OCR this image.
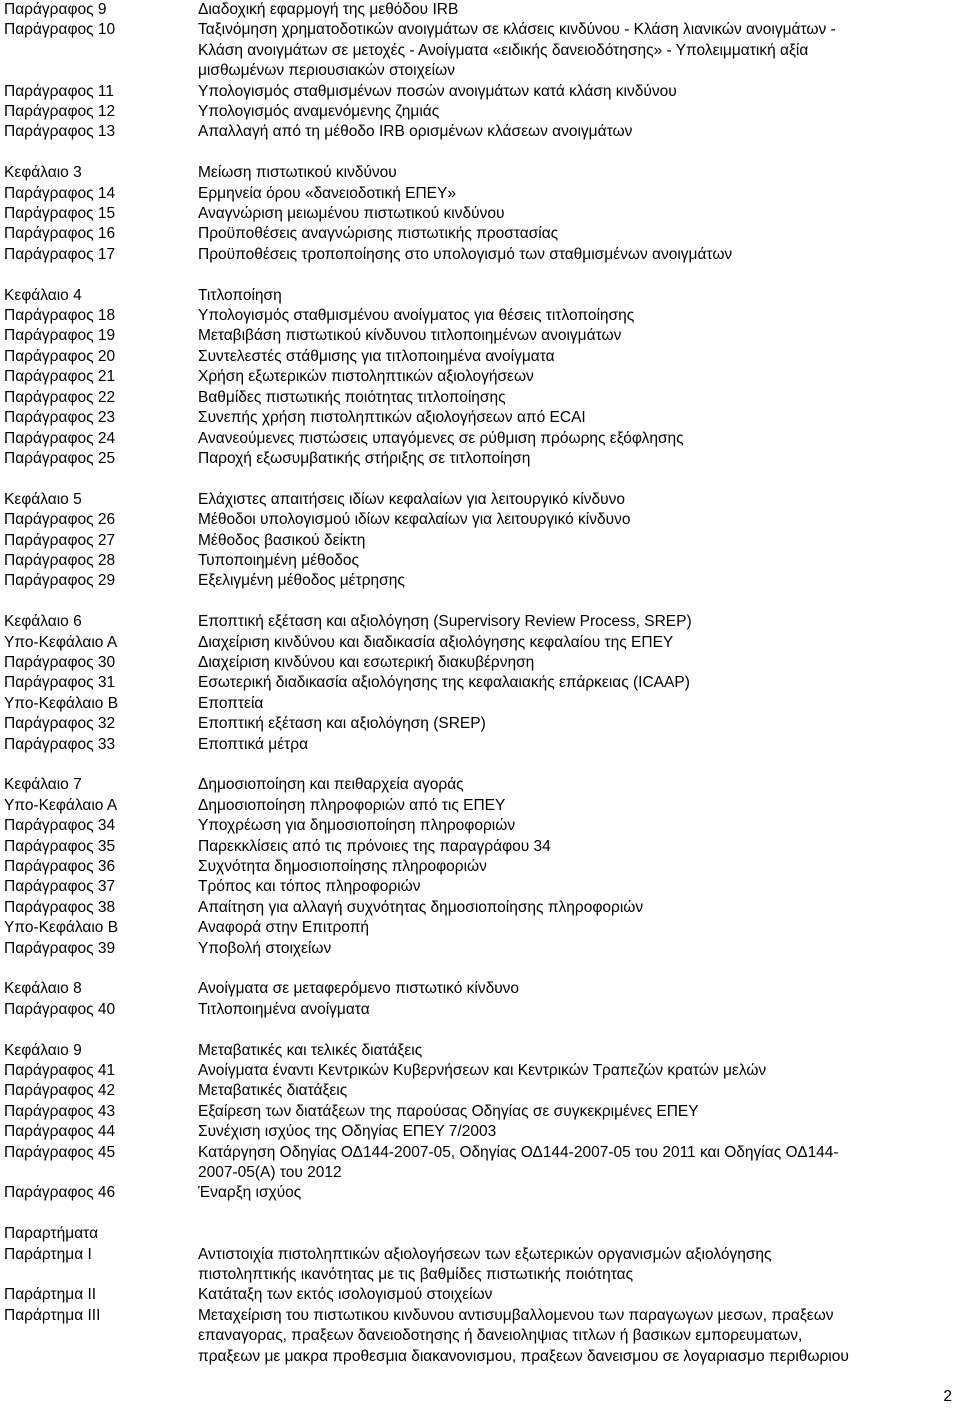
Παράγραφος 9	Διαδοχική εφαρμογή της μεθόδου IRB
Παράγραφος 10	Ταξινόμηση χρηματοδοτικών ανοιγμάτων σε κλάσεις κινδύνου - Κλάση λιανικών ανοιγμάτων -
Κλάση ανοιγμάτων σε μετοχές - Ανοίγματα «ειδικής δανειοδότησης» - Υπολειμματική αξία
μισθωμένων περιουσιακών στοιχείων
Παράγραφος 11	Υπολογισμός σταθμισμένων ποσών ανοιγμάτων κατά κλάση κινδύνου
Παράγραφος 12	Υπολογισμός αναμενόμενης ζημιάς
Παράγραφος 13	Απαλλαγή από τη μέθοδο IRB ορισμένων κλάσεων ανοιγμάτων
Κεφάλαιο 3	Μείωση πιστωτικού κινδύνου
Παράγραφος 14	Ερμηνεία όρου «δανειοδοτική ΕΠΕΥ»
Παράγραφος 15	Αναγνώριση μειωμένου πιστωτικού κινδύνου
Παράγραφος 16	Προϋποθέσεις αναγνώρισης πιστωτικής προστασίας
Παράγραφος 17	Προϋποθέσεις τροποποίησης στο υπολογισμό των σταθμισμένων ανοιγμάτων
Κεφάλαιο 4	Τιτλοποίηση
Παράγραφος 18	Υπολογισμός σταθμισμένου ανοίγματος για θέσεις τιτλοποίησης
Παράγραφος 19	Μεταβιβάση πιστωτικού κίνδυνου τιτλοποιημένων ανοιγμάτων
Παράγραφος 20	Συντελεστές στάθμισης για τιτλοποιημένα ανοίγματα
Παράγραφος 21	Χρήση εξωτερικών πιστοληπτικών αξιολογήσεων
Παράγραφος 22	Βαθμίδες πιστωτικής ποιότητας τιτλοποίησης
Παράγραφος 23	Συνεπής χρήση πιστοληπτικών αξιολογήσεων από ECAI
Παράγραφος 24	Ανανεούμενες πιστώσεις υπαγόμενες σε ρύθμιση πρόωρης εξόφλησης
Παράγραφος 25	Παροχή εξωσυμβατικής στήριξης σε τιτλοποίηση
Κεφάλαιο 5	Ελάχιστες απαιτήσεις ιδίων κεφαλαίων για λειτουργικό κίνδυνο
Παράγραφος 26	Μέθοδοι υπολογισμού ιδίων κεφαλαίων για λειτουργικό κίνδυνο
Παράγραφος 27	Μέθοδος βασικού δείκτη
Παράγραφος 28	Τυποποιημένη μέθοδος
Παράγραφος 29	Εξελιγμένη μέθοδος μέτρησης
Κεφάλαιο 6	Εποπτική εξέταση και αξιολόγηση (Supervisory Review Process, SREP)
Υπο-Κεφάλαιο Α	Διαχείριση κινδύνου και διαδικασία αξιολόγησης κεφαλαίου της ΕΠΕΥ
Παράγραφος 30	Διαχείριση κινδύνου και εσωτερική διακυβέρνηση
Παράγραφος 31	Εσωτερική διαδικασία αξιολόγησης της κεφαλαιακής επάρκειας (ICAAP)
Υπο-Κεφάλαιο Β	Εποπτεία
Παράγραφος 32	Εποπτική εξέταση και αξιολόγηση (SREP)
Παράγραφος 33	Εποπτικά μέτρα
Κεφάλαιο 7	Δημοσιοποίηση και πειθαρχεία αγοράς
Υπο-Κεφάλαιο Α	Δημοσιοποίηση πληροφοριών από τις ΕΠΕΥ
Παράγραφος 34	Υποχρέωση για δημοσιοποίηση πληροφοριών
Παράγραφος 35	Παρεκκλίσεις από τις πρόνοιες της παραγράφου 34
Παράγραφος 36	Συχνότητα δημοσιοποίησης πληροφοριών
Παράγραφος 37	Τρόπος και τόπος πληροφοριών
Παράγραφος 38	Απαίτηση για αλλαγή συχνότητας δημοσιοποίησης πληροφοριών
Υπο-Κεφάλαιο Β	Αναφορά στην Επιτροπή
Παράγραφος 39	Υποβολή στοιχείων
Κεφάλαιο 8	Ανοίγματα σε μεταφερόμενο πιστωτικό κίνδυνο
Παράγραφος 40	Τιτλοποιημένα ανοίγματα
Κεφάλαιο 9	Μεταβατικές και τελικές διατάξεις
Παράγραφος 41	Ανοίγματα έναντι Κεντρικών Κυβερνήσεων και Κεντρικών Τραπεζών κρατών μελών
Παράγραφος 42	Μεταβατικές διατάξεις
Παράγραφος 43	Εξαίρεση των διατάξεων της παρούσας Οδηγίας σε συγκεκριμένες ΕΠΕΥ
Παράγραφος 44	Συνέχιση ισχύος της Οδηγίας ΕΠΕΥ 7/2003
Παράγραφος 45	Κατάργηση Οδηγίας ΟΔ144-2007-05, Οδηγίας ΟΔ144-2007-05 του 2011 και Οδηγίας ΟΔ144-
2007-05(Α) του 2012
Παράγραφος 46	Έναρξη ισχύος
Παραρτήματα
Παράρτημα Ι	Αντιστοιχία πιστοληπτικών αξιολογήσεων των εξωτερικών οργανισμών αξιολόγησης
πιστοληπτικής ικανότητας με τις βαθμίδες πιστωτικής ποιότητας
Παράρτημα ΙΙ	Κατάταξη των εκτός ισολογισμού στοιχείων
Παράρτημα ΙΙΙ	Μεταχείριση του πιστωτικου κινδυνου αντισυμβαλλομενου των παραγωγων μεσων, πραξεων
επαναγορας, πραξεων δανειοδοτησης ή δανειοληψιας τιτλων ή βασικων εμπορευματων,
πραξεων με μακρα προθεσμια διακανονισμου, πραξεων δανεισμου σε λογαριασμο περιθωριου
2
